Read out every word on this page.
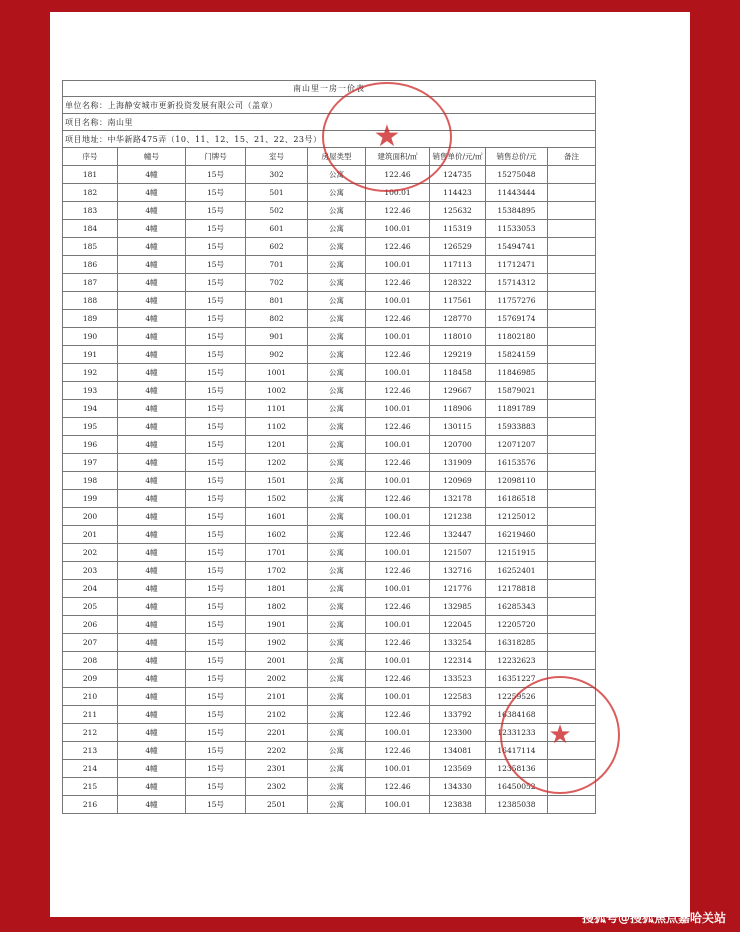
南山里一房一价表								
单位名称：上海静安城市更新投资发展有限公司（盖章）								
项目名称：南山里								
项目地址：中华新路475弄（10、11、12、15、21、22、23号）								
序号	幢号	门牌号	室号	房屋类型	建筑面积/㎡	销售单价/元/㎡	销售总价/元	备注
181	4幢	15号	302	公寓	122.46	124735	15275048	
182	4幢	15号	501	公寓	100.01	114423	11443444	
183	4幢	15号	502	公寓	122.46	125632	15384895	
184	4幢	15号	601	公寓	100.01	115319	11533053	
185	4幢	15号	602	公寓	122.46	126529	15494741	
186	4幢	15号	701	公寓	100.01	117113	11712471	
187	4幢	15号	702	公寓	122.46	128322	15714312	
188	4幢	15号	801	公寓	100.01	117561	11757276	
189	4幢	15号	802	公寓	122.46	128770	15769174	
190	4幢	15号	901	公寓	100.01	118010	11802180	
191	4幢	15号	902	公寓	122.46	129219	15824159	
192	4幢	15号	1001	公寓	100.01	118458	11846985	
193	4幢	15号	1002	公寓	122.46	129667	15879021	
194	4幢	15号	1101	公寓	100.01	118906	11891789	
195	4幢	15号	1102	公寓	122.46	130115	15933883	
196	4幢	15号	1201	公寓	100.01	120700	12071207	
197	4幢	15号	1202	公寓	122.46	131909	16153576	
198	4幢	15号	1501	公寓	100.01	120969	12098110	
199	4幢	15号	1502	公寓	122.46	132178	16186518	
200	4幢	15号	1601	公寓	100.01	121238	12125012	
201	4幢	15号	1602	公寓	122.46	132447	16219460	
202	4幢	15号	1701	公寓	100.01	121507	12151915	
203	4幢	15号	1702	公寓	122.46	132716	16252401	
204	4幢	15号	1801	公寓	100.01	121776	12178818	
205	4幢	15号	1802	公寓	122.46	132985	16285343	
206	4幢	15号	1901	公寓	100.01	122045	12205720	
207	4幢	15号	1902	公寓	122.46	133254	16318285	
208	4幢	15号	2001	公寓	100.01	122314	12232623	
209	4幢	15号	2002	公寓	122.46	133523	16351227	
210	4幢	15号	2101	公寓	100.01	122583	12259526	
211	4幢	15号	2102	公寓	122.46	133792	16384168	
212	4幢	15号	2201	公寓	100.01	123300	12331233	
213	4幢	15号	2202	公寓	122.46	134081	16417114	
214	4幢	15号	2301	公寓	100.01	123569	12358136	
215	4幢	15号	2302	公寓	122.46	134330	16450052	
216	4幢	15号	2501	公寓	100.01	123838	12385038	
★
★
搜狐号@搜狐焦点嘉哈关站
